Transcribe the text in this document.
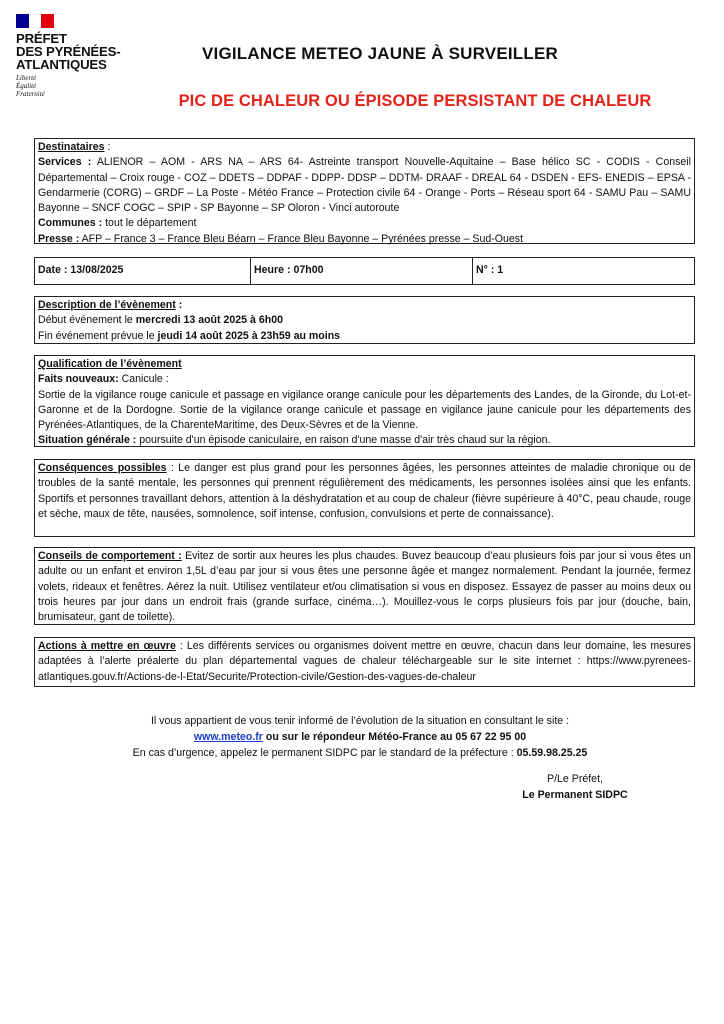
PRÉFET
DES PYRÉNÉES-
ATLANTIQUES
Liberté
Égalité
Fraternité
VIGILANCE METEO JAUNE À SURVEILLER
PIC DE CHALEUR OU ÉPISODE PERSISTANT DE CHALEUR
Destinataires :
Services : ALIENOR – AOM - ARS NA – ARS 64- Astreinte transport Nouvelle-Aquitaine – Base hélico SC - CODIS - Conseil Départemental – Croix rouge - COZ – DDETS – DDPAF - DDPP- DDSP – DDTM- DRAAF - DREAL 64 - DSDEN - EFS- ENEDIS – EPSA - Gendarmerie (CORG) – GRDF – La Poste - Météo France – Protection civile 64 - Orange - Ports – Réseau sport 64 - SAMU Pau – SAMU Bayonne – SNCF COGC – SPIP - SP Bayonne – SP Oloron - Vinci autoroute
Communes : tout le département
Presse : AFP – France 3 – France Bleu Béarn – France Bleu Bayonne – Pyrénées presse – Sud-Ouest
Date : 13/08/2025	Heure : 07h00	N° : 1
Description de l’évènement :
Début événement le mercredi 13 août 2025 à 6h00
Fin événement prévue le jeudi 14 août 2025 à 23h59 au moins
Qualification de l’évènement
Faits nouveaux: Canicule :
Sortie de la vigilance rouge canicule et passage en vigilance orange canicule pour les départements des Landes, de la Gironde, du Lot-et-Garonne et de la Dordogne. Sortie de la vigilance orange canicule et passage en vigilance jaune canicule pour les départements des Pyrénées-Atlantiques, de la CharenteMaritime, des Deux-Sèvres et de la Vienne.
Situation générale : poursuite d'un épisode caniculaire, en raison d'une masse d'air très chaud sur la région.
Conséquences possibles : Le danger est plus grand pour les personnes âgées, les personnes atteintes de maladie chronique ou de troubles de la santé mentale, les personnes qui prennent régulièrement des médicaments, les personnes isolées ainsi que les enfants. Sportifs et personnes travaillant dehors, attention à la déshydratation et au coup de chaleur (fièvre supérieure à 40°C, peau chaude, rouge et sèche, maux de tête, nausées, somnolence, soif intense, confusion, convulsions et perte de connaissance).
Conseils de comportement : Evitez de sortir aux heures les plus chaudes. Buvez beaucoup d’eau plusieurs fois par jour si vous êtes un adulte ou un enfant et environ 1,5L d’eau par jour si vous êtes une personne âgée et mangez normalement. Pendant la journée, fermez volets, rideaux et fenêtres. Aérez la nuit. Utilisez ventilateur et/ou climatisation si vous en disposez. Essayez de passer au moins deux ou trois heures par jour dans un endroit frais (grande surface, cinéma…). Mouillez-vous le corps plusieurs fois par jour (douche, bain, brumisateur, gant de toilette).
Actions à mettre en œuvre : Les différents services ou organismes doivent mettre en œuvre, chacun dans leur domaine, les mesures adaptées à l’alerte préalerte du plan départemental vagues de chaleur téléchargeable sur le site internet : https://www.pyrenees-atlantiques.gouv.fr/Actions-de-l-Etat/Securite/Protection-civile/Gestion-des-vagues-de-chaleur
Il vous appartient de vous tenir informé de l’évolution de la situation en consultant le site :
www.meteo.fr ou sur le répondeur Météo-France au 05 67 22 95 00
En cas d’urgence, appelez le permanent SIDPC par le standard de la préfecture : 05.59.98.25.25
P/Le Préfet,
Le Permanent SIDPC
